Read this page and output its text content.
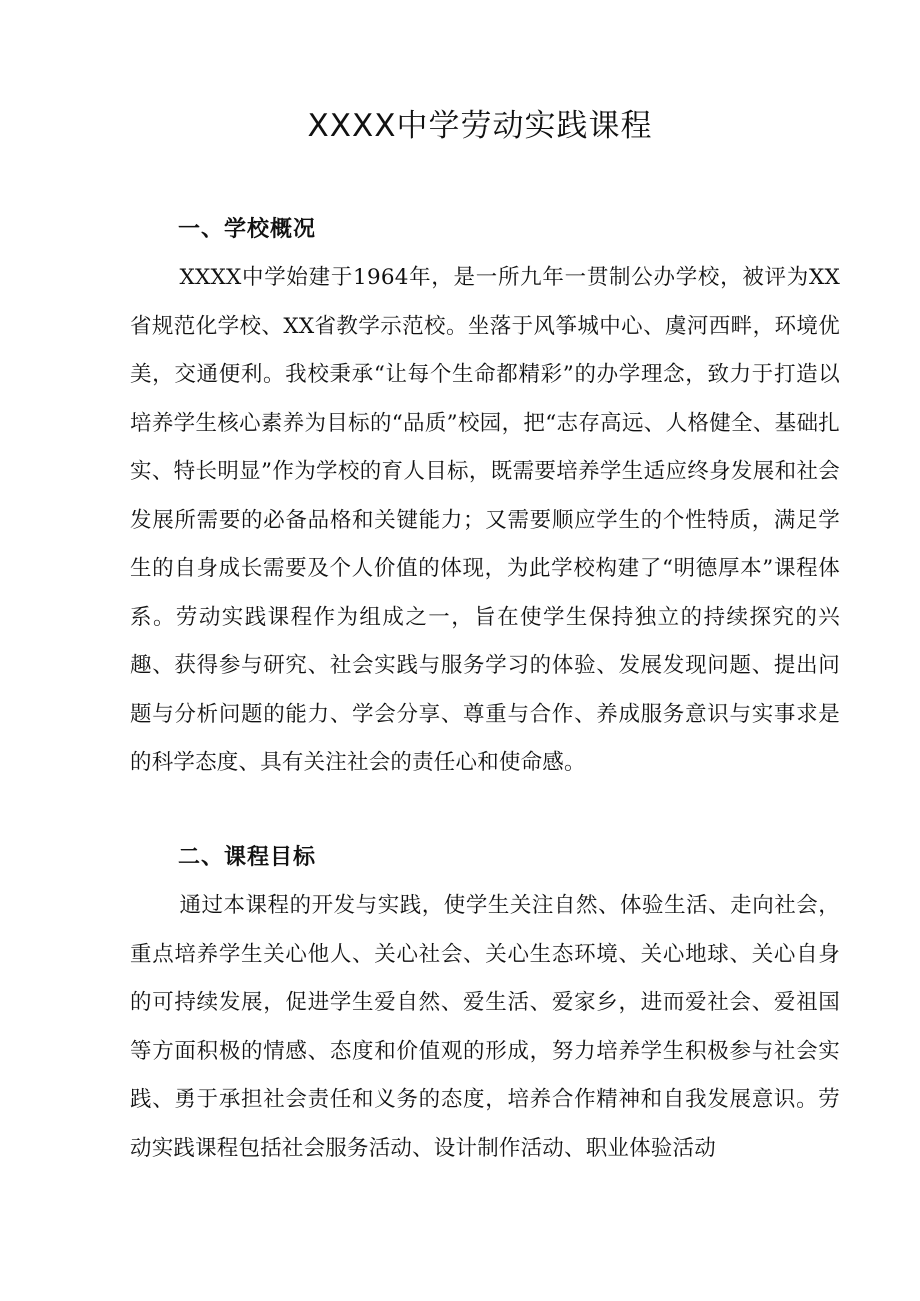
XXXX中学劳动实践课程
一、学校概况

XXXX中学始建于1964年，是一所九年一贯制公办学校，被评为XX省规范化学校、XX省教学示范校。坐落于风筝城中心、虞河西畔，环境优美，交通便利。我校秉承“让每个生命都精彩”的办学理念，致力于打造以培养学生核心素养为目标的“品质”校园，把“志存高远、人格健全、基础扎实、特长明显”作为学校的育人目标，既需要培养学生适应终身发展和社会发展所需要的必备品格和关键能力；又需要顺应学生的个性特质，满足学生的自身成长需要及个人价值的体现，为此学校构建了“明德厚本”课程体系。劳动实践课程作为组成之一，旨在使学生保持独立的持续探究的兴趣、获得参与研究、社会实践与服务学习的体验、发展发现问题、提出问题与分析问题的能力、学会分享、尊重与合作、养成服务意识与实事求是的科学态度、具有关注社会的责任心和使命感。

二、课程目标

通过本课程的开发与实践，使学生关注自然、体验生活、走向社会，重点培养学生关心他人、关心社会、关心生态环境、关心地球、关心自身的可持续发展，促进学生爱自然、爱生活、爱家乡，进而爱社会、爱祖国等方面积极的情感、态度和价值观的形成，努力培养学生积极参与社会实践、勇于承担社会责任和义务的态度，培养合作精神和自我发展意识。劳动实践课程包括社会服务活动、设计制作活动、职业体验活动
